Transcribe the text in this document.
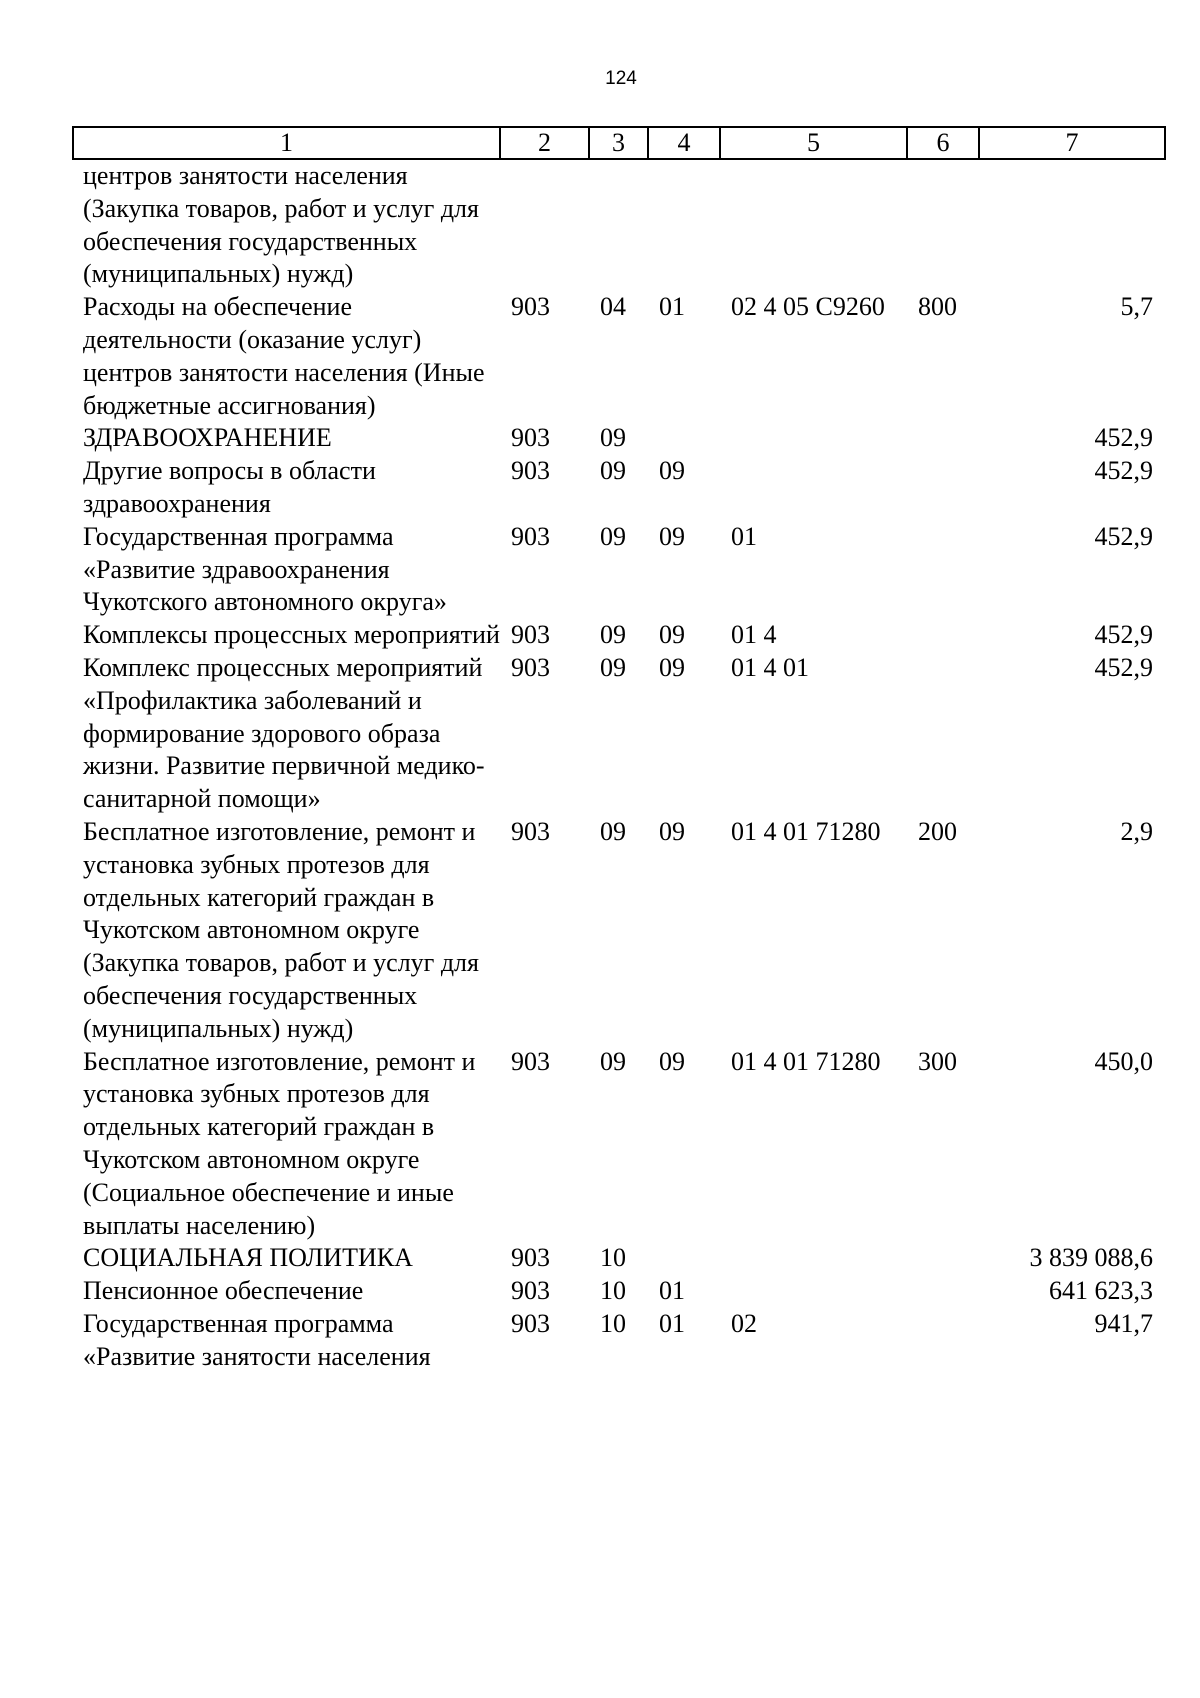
124
1	2	3	4	5	6	7
центров занятости населения (Закупка товаров, работ и услуг для обеспечения государственных (муниципальных) нужд)						
Расходы на обеспечение деятельности (оказание услуг) центров занятости населения (Иные бюджетные ассигнования)	903	04	01	02 4 05 С9260	800	5,7
ЗДРАВООХРАНЕНИЕ	903	09				452,9
Другие вопросы в области здравоохранения	903	09	09			452,9
Государственная программа «Развитие здравоохранения Чукотского автономного округа»	903	09	09	01		452,9
Комплексы процессных мероприятий	903	09	09	01 4		452,9
Комплекс процессных мероприятий «Профилактика заболеваний и формирование здорового образа жизни. Развитие первичной медико-санитарной помощи»	903	09	09	01 4 01		452,9
Бесплатное изготовление, ремонт и установка зубных протезов для отдельных категорий граждан в Чукотском автономном округе (Закупка товаров, работ и услуг для обеспечения государственных (муниципальных) нужд)	903	09	09	01 4 01 71280	200	2,9
Бесплатное изготовление, ремонт и установка зубных протезов для отдельных категорий граждан в Чукотском автономном округе (Социальное обеспечение и иные выплаты населению)	903	09	09	01 4 01 71280	300	450,0
СОЦИАЛЬНАЯ ПОЛИТИКА	903	10				3 839 088,6
Пенсионное обеспечение	903	10	01			641 623,3
Государственная программа «Развитие занятости населения	903	10	01	02		941,7
